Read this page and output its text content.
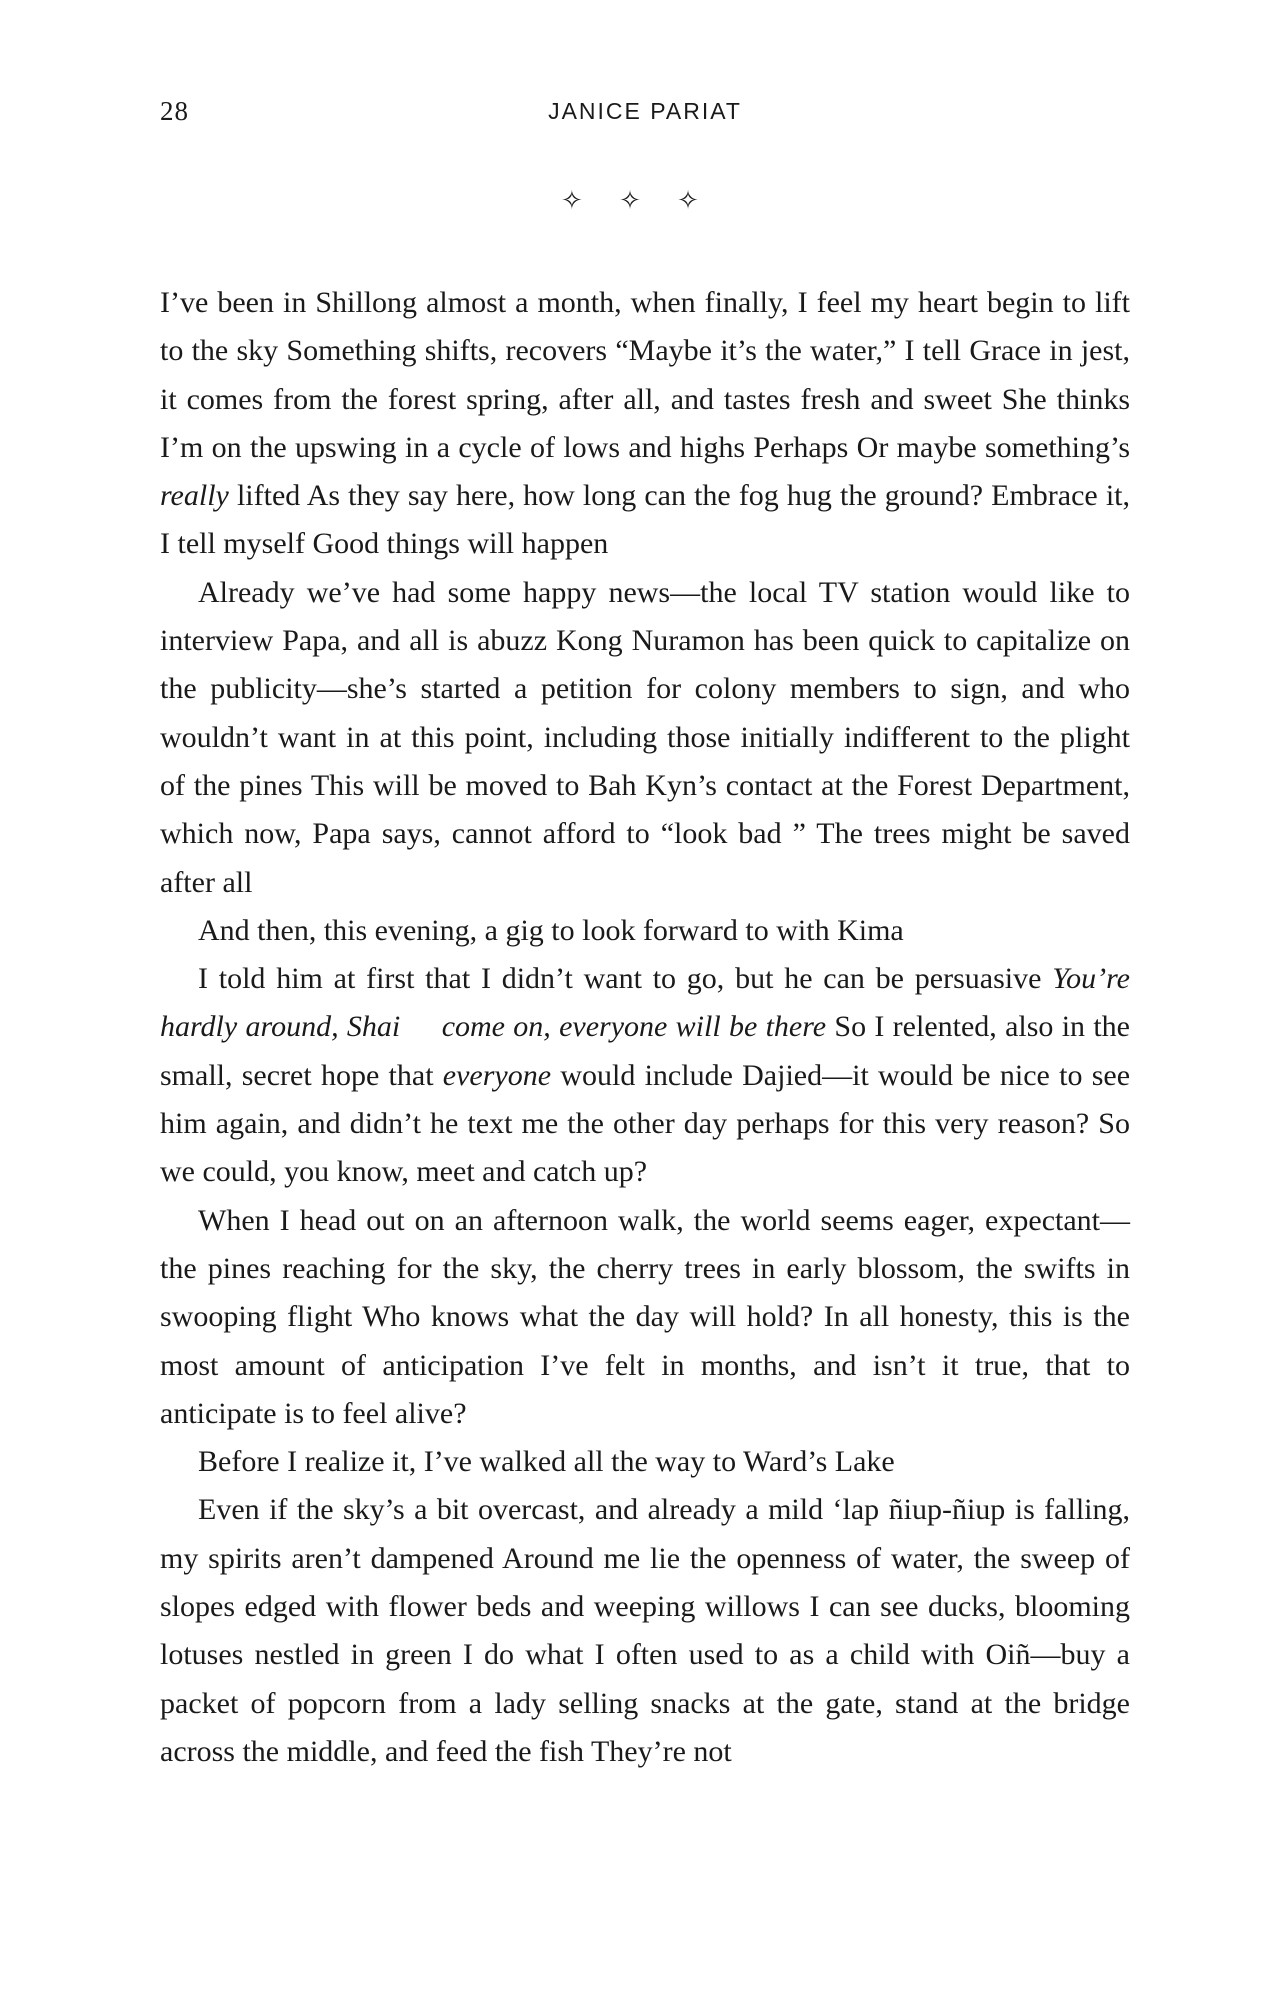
28	JANICE PARIAT
✧ ✧ ✧

I’ve been in Shillong almost a month, when finally, I feel my heart begin to lift to the sky Something shifts, recovers “Maybe it’s the water,” I tell Grace in jest, it comes from the forest spring, after all, and tastes fresh and sweet She thinks I’m on the upswing in a cycle of lows and highs Perhaps Or maybe something’s really lifted As they say here, how long can the fog hug the ground? Embrace it, I tell myself Good things will happen

Already we’ve had some happy news—the local TV station would like to interview Papa, and all is abuzz Kong Nuramon has been quick to capitalize on the publicity—she’s started a petition for colony members to sign, and who wouldn’t want in at this point, including those initially indifferent to the plight of the pines This will be moved to Bah Kyn’s contact at the Forest Department, which now, Papa says, cannot afford to “look bad ” The trees might be saved after all

And then, this evening, a gig to look forward to with Kima

I told him at first that I didn’t want to go, but he can be persuasive You’re hardly around, Shai     come on, everyone will be there So I relented, also in the small, secret hope that everyone would include Dajied—it would be nice to see him again, and didn’t he text me the other day perhaps for this very reason? So we could, you know, meet and catch up?

When I head out on an afternoon walk, the world seems eager, expectant—the pines reaching for the sky, the cherry trees in early blossom, the swifts in swooping flight Who knows what the day will hold? In all honesty, this is the most amount of anticipation I’ve felt in months, and isn’t it true, that to anticipate is to feel alive?

Before I realize it, I’ve walked all the way to Ward’s Lake

Even if the sky’s a bit overcast, and already a mild ‘lap ñiup-ñiup is falling, my spirits aren’t dampened Around me lie the openness of water, the sweep of slopes edged with flower beds and weeping willows I can see ducks, blooming lotuses nestled in green I do what I often used to as a child with Oiñ—buy a packet of popcorn from a lady selling snacks at the gate, stand at the bridge across the middle, and feed the fish They’re not
